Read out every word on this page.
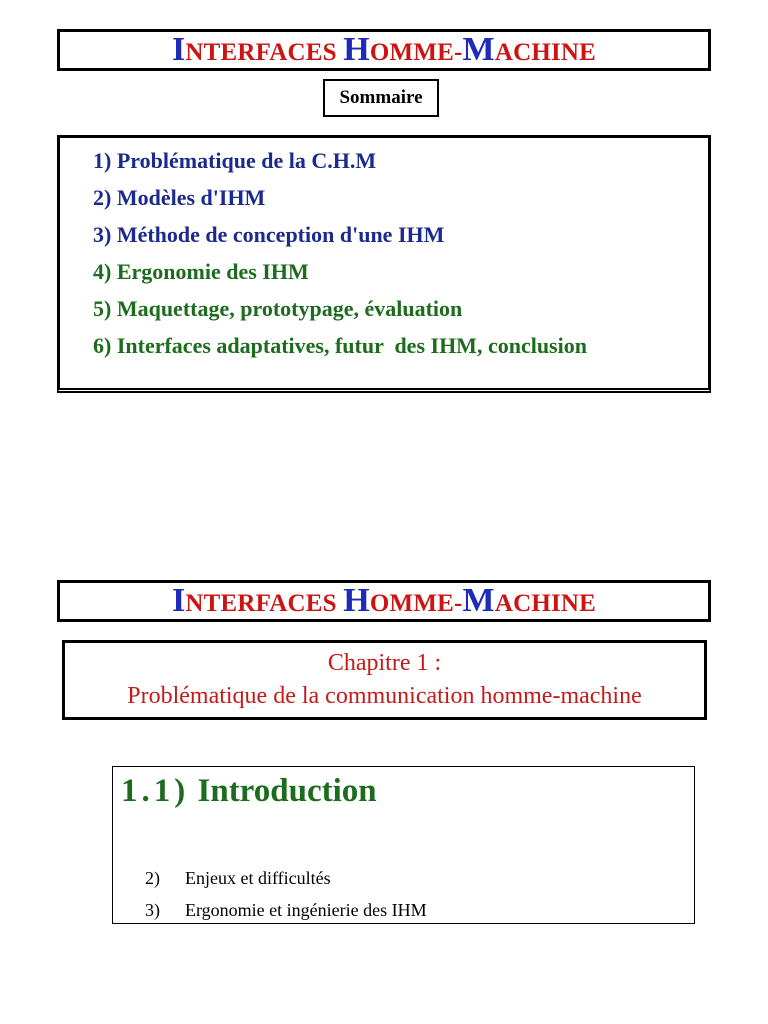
INTERFACES HOMME-MACHINE
Sommaire
1) Problématique de la C.H.M
2) Modèles d'IHM
3) Méthode de conception d'une IHM
4) Ergonomie des IHM
5) Maquettage, prototypage, évaluation
6) Interfaces adaptatives, futur  des IHM, conclusion
INTERFACES HOMME-MACHINE
Chapitre 1 :
Problématique de la communication homme-machine
1.1) Introduction
2) Enjeux et difficultés
3) Ergonomie et ingénierie des IHM
